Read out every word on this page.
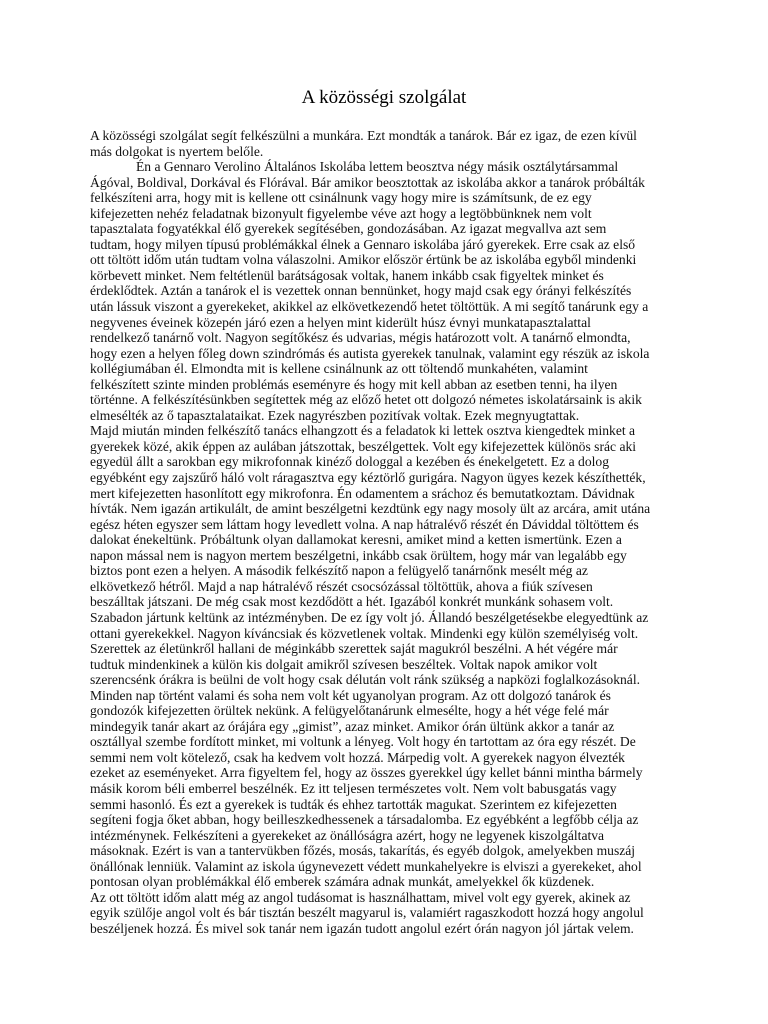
A közösségi szolgálat
A közösségi szolgálat segít felkészülni a munkára. Ezt mondták a tanárok. Bár ez igaz, de ezen kívül
más dolgokat is nyertem belőle.
Én a Gennaro Verolino Általános Iskolába lettem beosztva négy másik osztálytársammal
Ágóval, Boldival, Dorkával és Flórával. Bár amikor beosztottak az iskolába akkor a tanárok próbálták
felkészíteni arra, hogy mit is kellene ott csinálnunk vagy hogy mire is számítsunk, de ez egy
kifejezetten nehéz feladatnak bizonyult figyelembe véve azt hogy a legtöbbünknek nem volt
tapasztalata fogyatékkal élő gyerekek segítésében, gondozásában. Az igazat megvallva azt sem
tudtam, hogy milyen típusú problémákkal élnek a Gennaro iskolába járó gyerekek. Erre csak az első
ott töltött időm után tudtam volna válaszolni. Amikor először értünk be az iskolába egyből mindenki
körbevett minket. Nem feltétlenül barátságosak voltak, hanem inkább csak figyeltek minket és
érdeklődtek. Aztán a tanárok el is vezettek onnan bennünket, hogy majd csak egy órányi felkészítés
után lássuk viszont a gyerekeket, akikkel az elkövetkezendő hetet töltöttük. A mi segítő tanárunk egy a
negyvenes éveinek közepén járó ezen a helyen mint kiderült húsz évnyi munkatapasztalattal
rendelkező tanárnő volt. Nagyon segítőkész és udvarias, mégis határozott volt. A tanárnő elmondta,
hogy ezen a helyen főleg down szindrómás és autista gyerekek tanulnak, valamint egy részük az iskola
kollégiumában él. Elmondta mit is kellene csinálnunk az ott töltendő munkahéten, valamint
felkészített szinte minden problémás eseményre és hogy mit kell abban az esetben tenni, ha ilyen
történne. A felkészítésünkben segítettek még az előző hetet ott dolgozó németes iskolatársaink is akik
elmesélték az ő tapasztalataikat. Ezek nagyrészben pozitívak voltak. Ezek megnyugtattak.
Majd miután minden felkészítő tanács elhangzott és a feladatok ki lettek osztva kiengedtek minket a
gyerekek közé, akik éppen az aulában játszottak, beszélgettek. Volt egy kifejezettek különös srác aki
egyedül állt a sarokban egy mikrofonnak kinéző dologgal a kezében és énekelgetett. Ez a dolog
egyébként egy zajszűrő háló volt ráragasztva egy kéztörlő gurigára. Nagyon ügyes kezek készíthették,
mert kifejezetten hasonlított egy mikrofonra. Én odamentem a sráchoz és bemutatkoztam. Dávidnak
hívták. Nem igazán artikulált, de amint beszélgetni kezdtünk egy nagy mosoly ült az arcára, amit utána
egész héten egyszer sem láttam hogy levedlett volna. A nap hátralévő részét én Dáviddal töltöttem és
dalokat énekeltünk. Próbáltunk olyan dallamokat keresni, amiket mind a ketten ismertünk. Ezen a
napon mással nem is nagyon mertem beszélgetni, inkább csak örültem, hogy már van legalább egy
biztos pont ezen a helyen. A második felkészítő napon a felügyelő tanárnőnk mesélt még az
elkövetkező hétről. Majd a nap hátralévő részét csocsózással töltöttük, ahova a fiúk szívesen
beszálltak játszani. De még csak most kezdődött a hét. Igazából konkrét munkánk sohasem volt.
Szabadon jártunk keltünk az intézményben. De ez így volt jó. Állandó beszélgetésekbe elegyedtünk az
ottani gyerekekkel. Nagyon kíváncsiak és közvetlenek voltak. Mindenki egy külön személyiség volt.
Szerettek az életünkről hallani de méginkább szerettek saját magukról beszélni. A hét végére már
tudtuk mindenkinek a külön kis dolgait amikről szívesen beszéltek. Voltak napok amikor volt
szerencsénk órákra is beülni de volt hogy csak délután volt ránk szükség a napközi foglalkozásoknál.
Minden nap történt valami és soha nem volt két ugyanolyan program. Az ott dolgozó tanárok és
gondozók kifejezetten örültek nekünk. A felügyelőtanárunk elmesélte, hogy a hét vége felé már
mindegyik tanár akart az órájára egy „gimist”, azaz minket. Amikor órán ültünk akkor a tanár az
osztállyal szembe fordított minket, mi voltunk a lényeg. Volt hogy én tartottam az óra egy részét. De
semmi nem volt kötelező, csak ha kedvem volt hozzá. Márpedig volt. A gyerekek nagyon élvezték
ezeket az eseményeket. Arra figyeltem fel, hogy az összes gyerekkel úgy kellet bánni mintha bármely
másik korom béli emberrel beszélnék. Ez itt teljesen természetes volt. Nem volt babusgatás vagy
semmi hasonló. És ezt a gyerekek is tudták és ehhez tartották magukat. Szerintem ez kifejezetten
segíteni fogja őket abban, hogy beilleszkedhessenek a társadalomba. Ez egyébként a legfőbb célja az
intézménynek. Felkészíteni a gyerekeket az önállóságra azért, hogy ne legyenek kiszolgáltatva
másoknak. Ezért is van a tantervükben főzés, mosás, takarítás, és egyéb dolgok, amelyekben muszáj
önállónak lenniük. Valamint az iskola úgynevezett védett munkahelyekre is elviszi a gyerekeket, ahol
pontosan olyan problémákkal élő emberek számára adnak munkát, amelyekkel ők küzdenek.
Az ott töltött időm alatt még az angol tudásomat is használhattam, mivel volt egy gyerek, akinek az
egyik szülője angol volt és bár tisztán beszélt magyarul is, valamiért ragaszkodott hozzá hogy angolul
beszéljenek hozzá. És mivel sok tanár nem igazán tudott angolul ezért órán nagyon jól jártak velem.
